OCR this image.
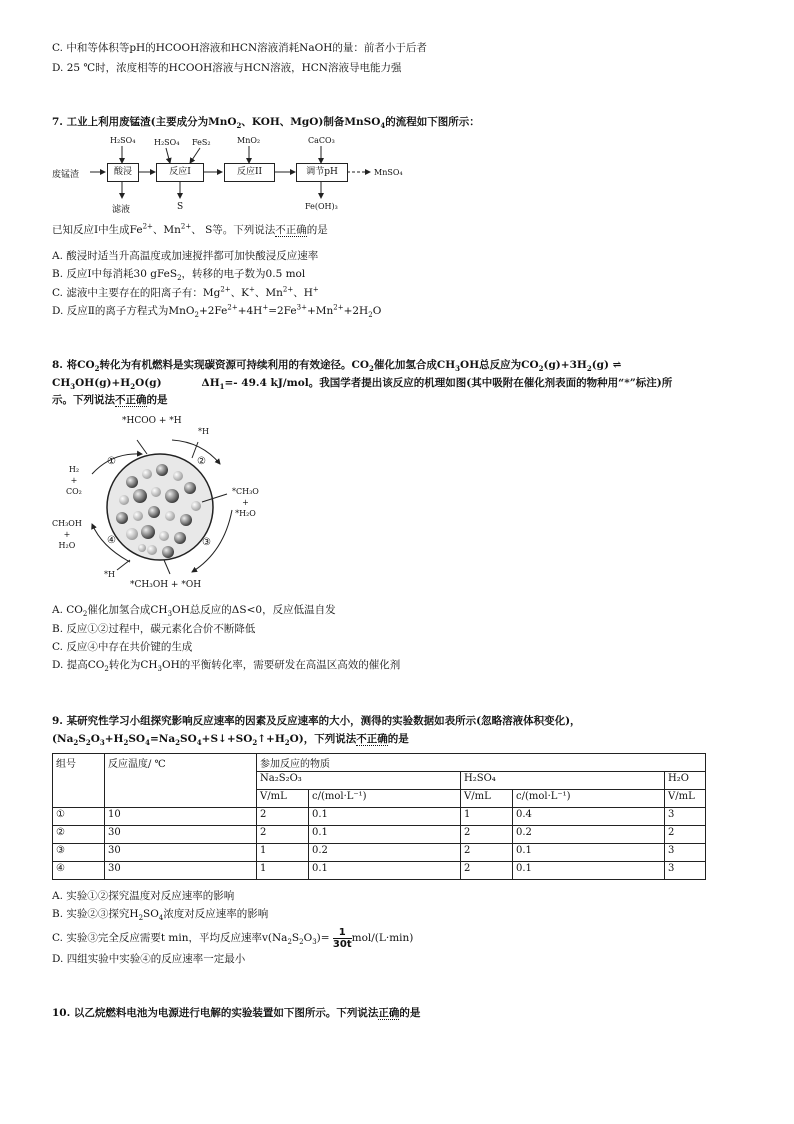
C. 中和等体积等pH的HCOOH溶液和HCN溶液消耗NaOH的量：前者小于后者
D. 25 ℃时，浓度相等的HCOOH溶液与HCN溶液，HCN溶液导电能力强
7. 工业上利用废锰渣(主要成分为MnO$_2$、KOH、MgO)制备MnSO$_4$的流程如下图所示：
废锰渣	酸浸
H₂SO₄
滤液
反应I
H₂SO₄ FeS₂
S
反应II
MnO₂
调节pH
CaCO₃
Fe(OH)₃
MnSO₄
已知反应Ⅰ中生成$Fe^{2+}$、$Mn^{2+}$、 S等。下列说法不正确的是
A. 酸浸时适当升高温度或加速搅拌都可加快酸浸反应速率
B. 反应Ⅰ中每消耗30 gFeS$_2$，转移的电子数为0.5 mol
C. 滤液中主要存在的阳离子有：$Mg^{2+}$、K+、$Mn^{2+}$、H+
D. 反应Ⅱ的离子方程式为$MnO_2+2Fe^{2+}+4H^+=2Fe^{3+}+Mn^{2+}+2H_2O$
8. 将$CO_2$转化为有机燃料是实现碳资源可持续利用的有效途径。$CO_2$催化加氢合成$CH_3OH$总反应为$CO_2(g)+3H_2(g)$ ⇌
$CH_3OH(g)+H_2O(g)$	$\Delta H_1=-$ 49.4 kJ/mol。我国学者提出该反应的机理如图(其中吸附在催化剂表面的物种用“*”标注)所
示。下列说法不正确的是
*HCOO + *H
*H
①	②
③
④
H₂
+
CO₂
CH₃OH
+
H₂O
*CH₃O
+
*H₂O
*H
*CH₃OH + *OH
A. $CO_2$催化加氢合成$CH_3OH$总反应的ΔS<0，反应低温自发
B. 反应①②过程中，碳元素化合价不断降低
C. 反应④中存在共价键的生成
D. 提高$CO_2$转化为$CH_3OH$的平衡转化率，需要研发在高温区高效的催化剂
9. 某研究性学习小组探究影响反应速率的因素及反应速率的大小，测得的实验数据如表所示(忽略溶液体积变化)，
$(Na_2S_2O_3+H_2SO_4=Na_2SO_4+S↓+SO_2↑+H_2O)$，下列说法不正确的是
组号	反应温度/ ℃	参加反应的物质				
		Na₂S₂O₃		H₂SO₄		H₂O
		V/mL	c/(mol·L⁻¹)	V/mL	c/(mol·L⁻¹)	V/mL
①	10	2	0.1	1	0.4	3
②	30	2	0.1	2	0.2	2
③	30	1	0.2	2	0.1	3
④	30	1	0.1	2	0.1	3
A. 实验①②探究温度对反应速率的影响
B. 实验②③探究$H_2SO_4$浓度对反应速率的影响
C. 实验③完全反应需要t min，平均反应速率$v(Na_2S_2O_3)= \frac{1}{30t} mol/(L\cdot\min)$
D. 四组实验中实验④的反应速率一定最小
10. 以乙烷燃料电池为电源进行电解的实验装置如下图所示。下列说法正确的是
